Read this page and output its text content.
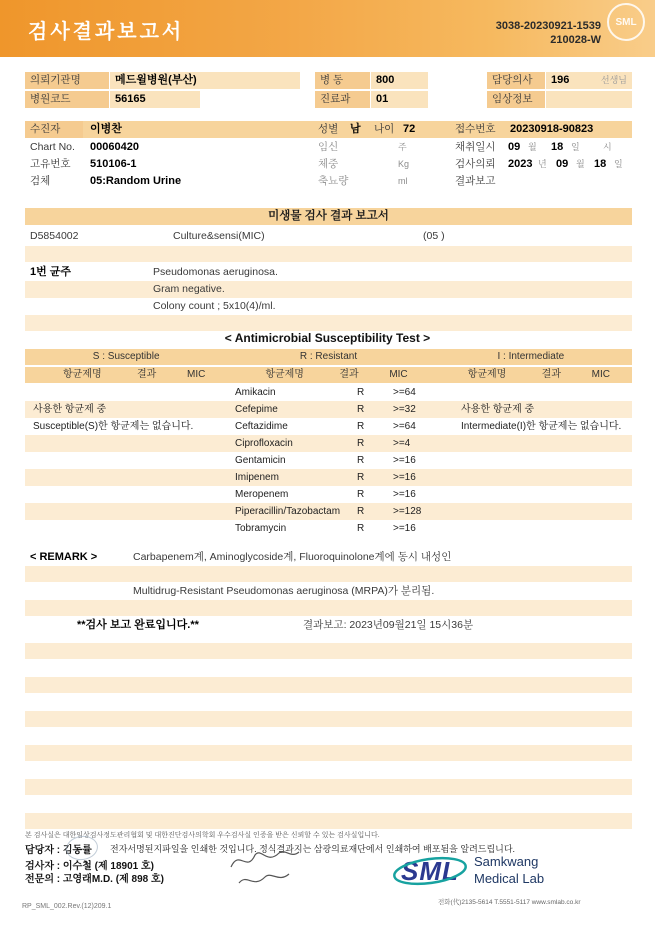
검사결과보고서	3038-20230921-1539
210028-W
SML
의뢰기관명	메드윌병원(부산)	병 동	800	담당의사	196	선생님
병원코드	56165	진료과	01	임상정보
수진자	이병찬	성별	남	나이 72	접수번호	20230918-90823
Chart No.	00060420	임신	주	채취일시	09 월	18 일	시
고유번호	510106-1	체중	Kg	검사의뢰	2023 년 09 월 18 일
검체	05:Random Urine	축뇨량	ml	결과보고
미생물 검사 결과 보고서
D5854002	Culture&sensi(MIC)	(05 )
1번 균주	Pseudomonas aeruginosa.
Gram negative.
Colony count ; 5x10(4)/ml.
< Antimicrobial Susceptibility Test >
S : Susceptible	R : Resistant	I : Intermediate
항균제명	결과	MIC	항균제명	결과	MIC	항균제명	결과	MIC
Amikacin	R	>=64
Cefepime	R	>=32
Ceftazidime	R	>=64
Ciprofloxacin	R	>=4
Gentamicin	R	>=16
Imipenem	R	>=16
Meropenem	R	>=16
Piperacillin/Tazobactam R	>=128
Tobramycin	R	>=16
사용한 항균제 중
Susceptible(S)한 항균제는 없습니다.
사용한 항균제 중
Intermediate(I)한 항균제는 없습니다.
< REMARK >	Carbapenem계, Aminoglycoside계, Fluoroquinolone계에 동시 내성인
Multidrug-Resistant Pseudomonas aeruginosa (MRPA)가 분리됨.
**검사 보고 완료입니다.**	결과보고: 2023년09월21일 15시36분
본 검사실은 대한임상검사정도관리협회 및 대한진단검사의학회 우수검사실 인증을 받은 신뢰할 수 있는 검사실입니다.
담당자 : 김동률 전자서명된지파일을 인쇄한 것입니다. 정식결과지는 삼광의료재단에서 인쇄하여 배포됨을 알려드립니다.
검사자 : 이수철 (제 18901 호)
전문의 : 고영래M.D. (제 898 호)	SML Samkwang
Medical Lab
전화(代)2135-5614 T.5551-5117 www.smlab.co.kr
RP_SML_002.Rev.(12)209.1
